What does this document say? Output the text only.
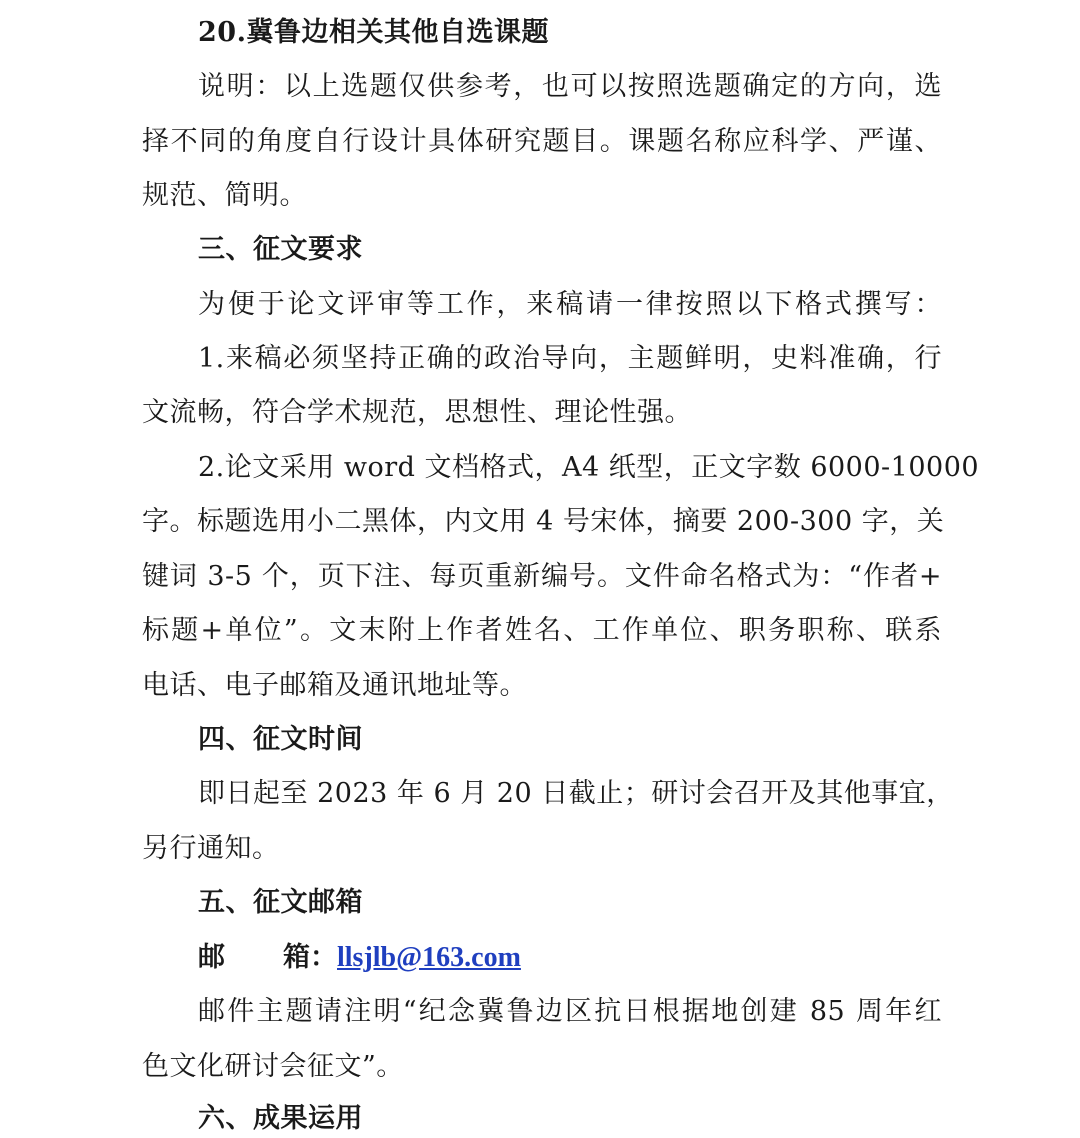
20.冀鲁边相关其他自选课题
说明：以上选题仅供参考，也可以按照选题确定的方向，选
择不同的角度自行设计具体研究题目。课题名称应科学、严谨、
规范、简明。
三、征文要求
为便于论文评审等工作，来稿请一律按照以下格式撰写：
1.来稿必须坚持正确的政治导向，主题鲜明，史料准确，行
文流畅，符合学术规范，思想性、理论性强。
2.论文采用 word 文档格式，A4 纸型，正文字数 6000-10000
字。标题选用小二黑体，内文用 4 号宋体，摘要 200-300 字，关
键词 3-5 个，页下注、每页重新编号。文件命名格式为：“作者+
标题+单位”。文末附上作者姓名、工作单位、职务职称、联系
电话、电子邮箱及通讯地址等。
四、征文时间
即日起至 2023 年 6 月 20 日截止；研讨会召开及其他事宜，
另行通知。
五、征文邮箱
邮 箱：llsjlb@163.com
邮件主题请注明“纪念冀鲁边区抗日根据地创建 85 周年红
色文化研讨会征文”。
六、成果运用
